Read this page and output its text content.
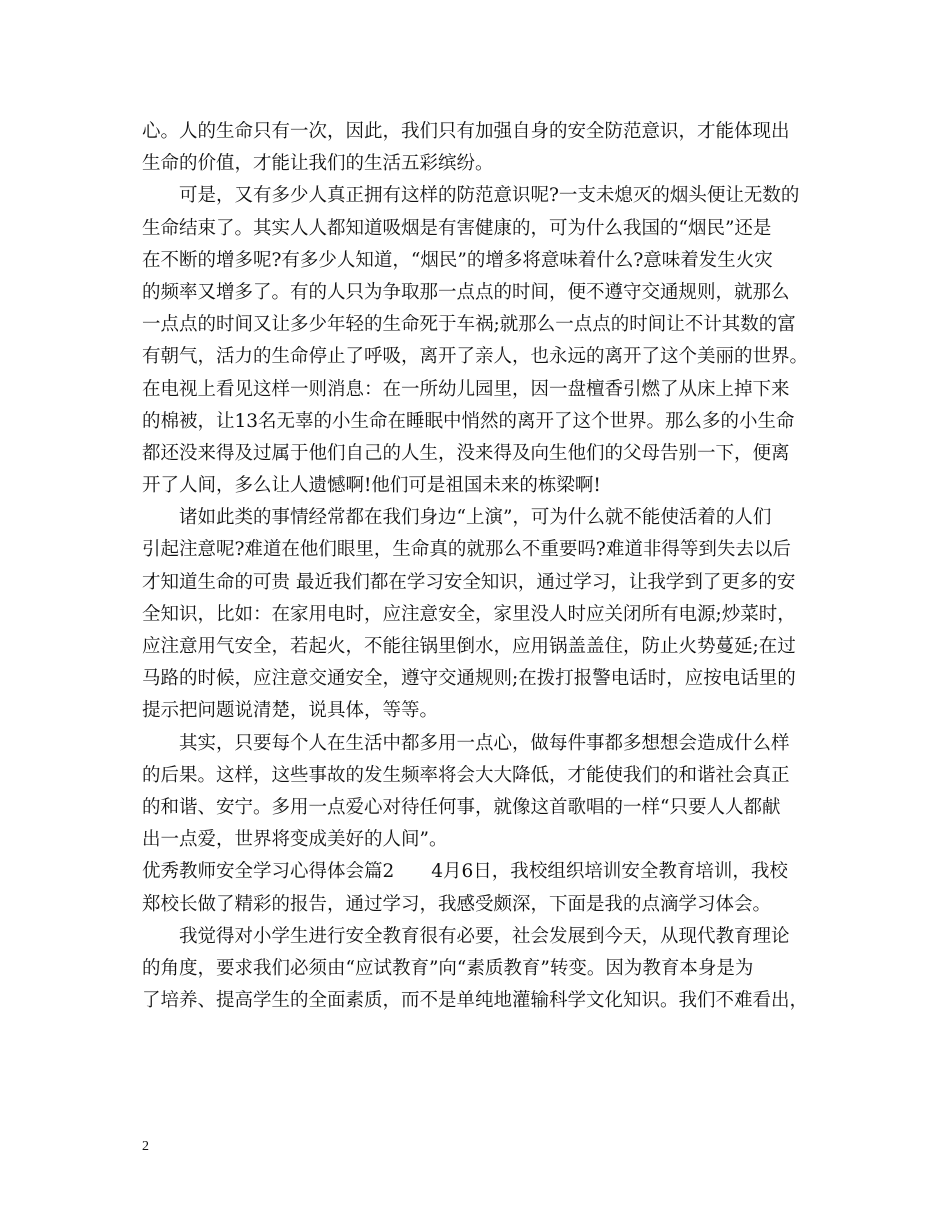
心。人的生命只有一次，因此，我们只有加强自身的安全防范意识，才能体现出
生命的价值，才能让我们的生活五彩缤纷。
可是，又有多少人真正拥有这样的防范意识呢?一支未熄灭的烟头便让无数的
生命结束了。其实人人都知道吸烟是有害健康的，可为什么我国的“烟民”还是
在不断的增多呢?有多少人知道，“烟民”的增多将意味着什么?意味着发生火灾
的频率又增多了。有的人只为争取那一点点的时间，便不遵守交通规则，就那么
一点点的时间又让多少年轻的生命死于车祸;就那么一点点的时间让不计其数的富
有朝气，活力的生命停止了呼吸，离开了亲人，也永远的离开了这个美丽的世界。
在电视上看见这样一则消息：在一所幼儿园里，因一盘檀香引燃了从床上掉下来
的棉被，让13名无辜的小生命在睡眠中悄然的离开了这个世界。那么多的小生命
都还没来得及过属于他们自己的人生，没来得及向生他们的父母告别一下，便离
开了人间，多么让人遗憾啊!他们可是祖国未来的栋梁啊!
诸如此类的事情经常都在我们身边“上演”，可为什么就不能使活着的人们
引起注意呢?难道在他们眼里，生命真的就那么不重要吗?难道非得等到失去以后
才知道生命的可贵 最近我们都在学习安全知识，通过学习，让我学到了更多的安
全知识，比如：在家用电时，应注意安全，家里没人时应关闭所有电源;炒菜时，
应注意用气安全，若起火，不能往锅里倒水，应用锅盖盖住，防止火势蔓延;在过
马路的时候，应注意交通安全，遵守交通规则;在拨打报警电话时，应按电话里的
提示把问题说清楚，说具体，等等。
其实，只要每个人在生活中都多用一点心，做每件事都多想想会造成什么样
的后果。这样，这些事故的发生频率将会大大降低，才能使我们的和谐社会真正
的和谐、安宁。多用一点爱心对待任何事，就像这首歌唱的一样“只要人人都献
出一点爱，世界将变成美好的人间”。
优秀教师安全学习心得体会篇2　　4月6日，我校组织培训安全教育培训，我校
郑校长做了精彩的报告，通过学习，我感受颇深，下面是我的点滴学习体会。
我觉得对小学生进行安全教育很有必要，社会发展到今天，从现代教育理论
的角度，要求我们必须由“应试教育”向“素质教育”转变。因为教育本身是为
了培养、提高学生的全面素质，而不是单纯地灌输科学文化知识。我们不难看出，
2
